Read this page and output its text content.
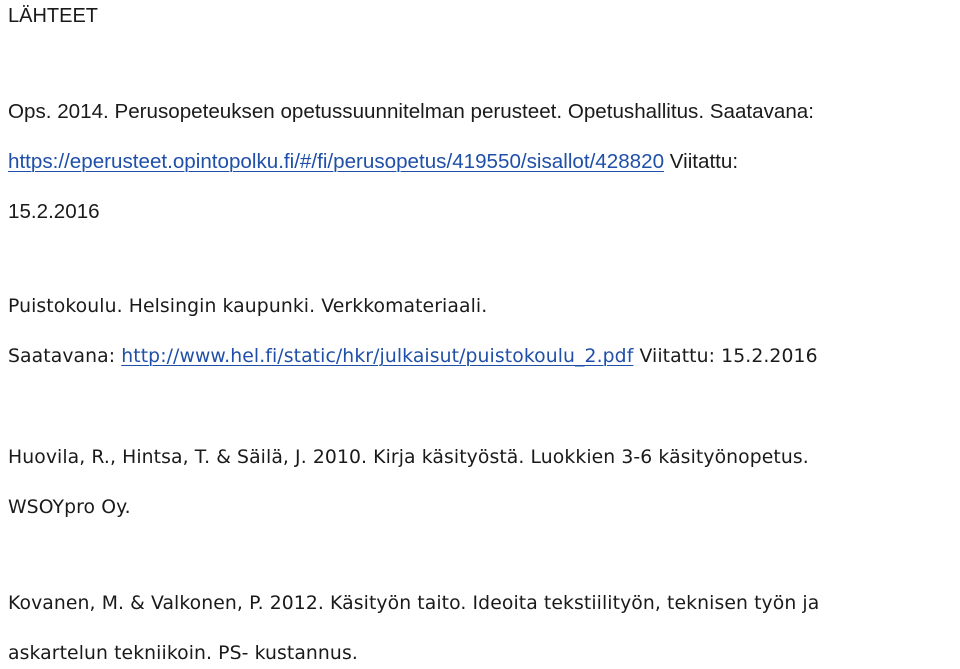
LÄHTEET
Ops. 2014. Perusopeteuksen opetussuunnitelman perusteet. Opetushallitus. Saatavana:
https://eperusteet.opintopolku.fi/#/fi/perusopetus/419550/sisallot/428820 Viitattu:
15.2.2016
Puistokoulu. Helsingin kaupunki. Verkkomateriaali.
Saatavana: http://www.hel.fi/static/hkr/julkaisut/puistokoulu_2.pdf Viitattu: 15.2.2016
Huovila, R., Hintsa, T. & Säilä, J. 2010. Kirja käsityöstä. Luokkien 3-6 käsityönopetus.
WSOYpro Oy.
Kovanen, M. & Valkonen, P. 2012. Käsityön taito. Ideoita tekstiilityön, teknisen työn ja
askartelun tekniikoin. PS- kustannus.
